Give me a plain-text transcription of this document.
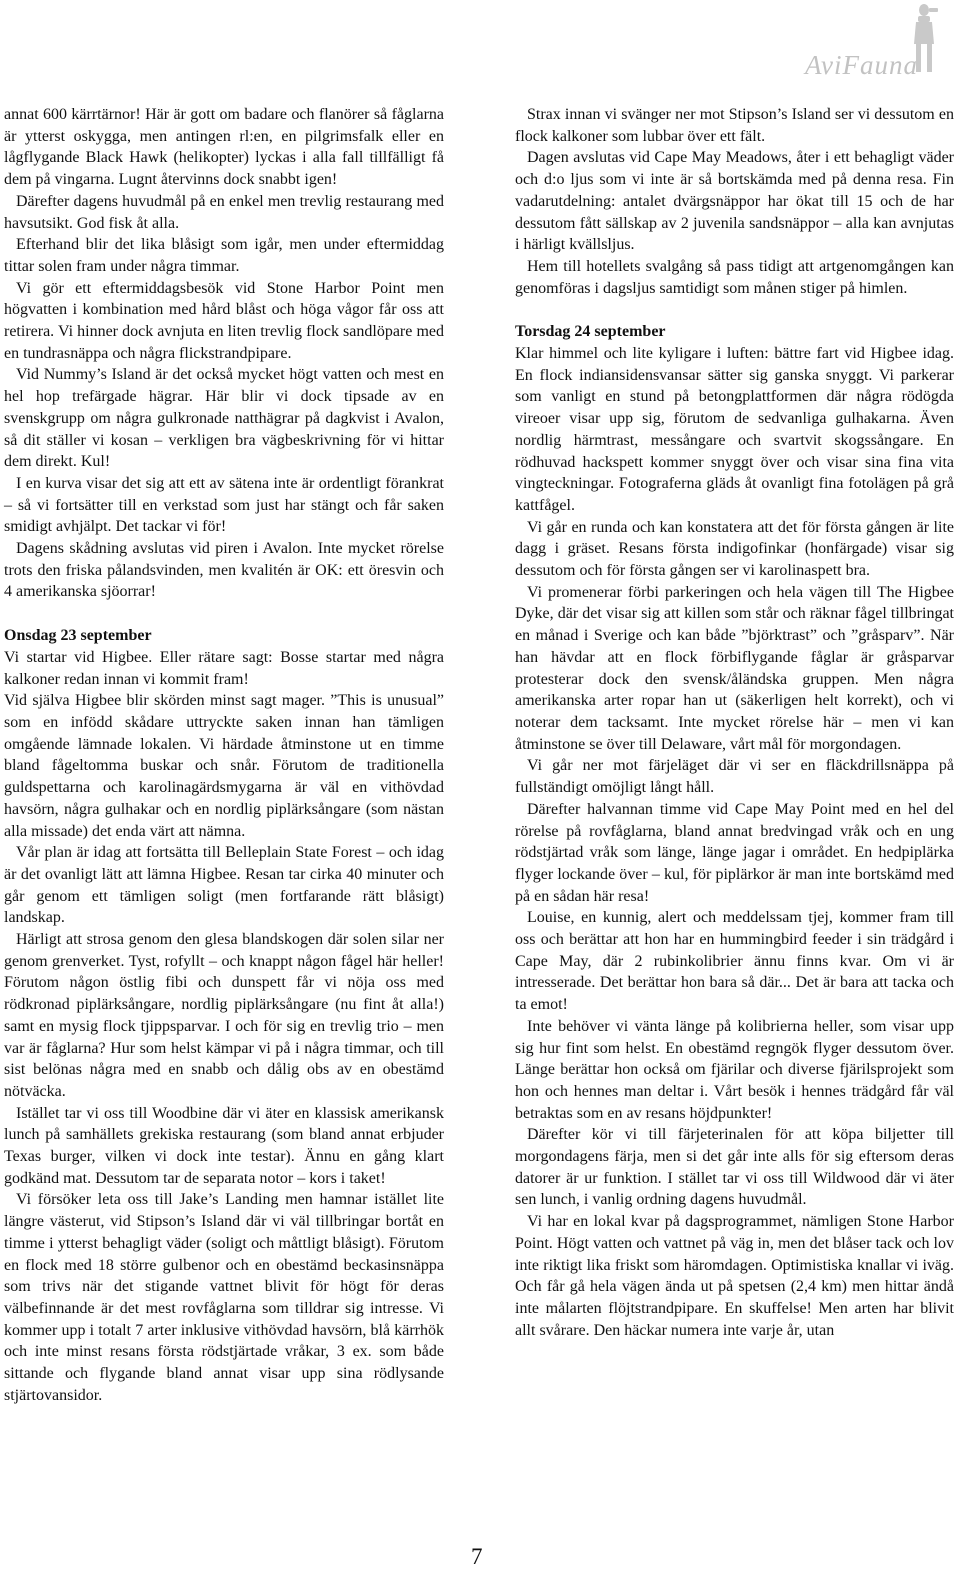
AviFauna

annat 600 kärrtärnor! Här är gott om badare och flanörer så fåglarna är ytterst oskygga, men antingen rl:en, en pilgrimsfalk eller en lågflygande Black Hawk (helikopter) lyckas i alla fall tillfälligt få dem på vingarna. Lugnt återvinns dock snabbt igen!

Därefter dagens huvudmål på en enkel men trevlig restaurang med havsutsikt. God fisk åt alla.

Efterhand blir det lika blåsigt som igår, men under eftermiddag tittar solen fram under några timmar.

Vi gör ett eftermiddagsbesök vid Stone Harbor Point men högvatten i kombination med hård blåst och höga vågor får oss att retirera. Vi hinner dock avnjuta en liten trevlig flock sandlöpare med en tundrasnäppa och några flickstrandpipare.

Vid Nummy’s Island är det också mycket högt vatten och mest en hel hop trefärgade hägrar. Här blir vi dock tipsade av en svenskgrupp om några gulkronade natthägrar på dagkvist i Avalon, så dit ställer vi kosan – verkligen bra vägbeskrivning för vi hittar dem direkt. Kul!

I en kurva visar det sig att ett av sätena inte är ordentligt förankrat – så vi fortsätter till en verkstad som just har stängt och får saken smidigt avhjälpt. Det tackar vi för!

Dagens skådning avslutas vid piren i Avalon. Inte mycket rörelse trots den friska pålandsvinden, men kvalitén är OK: ett öresvin och 4 amerikanska sjöorrar!

Onsdag 23 september

Vi startar vid Higbee. Eller rätare sagt: Bosse startar med några kalkoner redan innan vi kommit fram!

Vid själva Higbee blir skörden minst sagt mager. ”This is unusual” som en infödd skådare uttryckte saken innan han tämligen omgående lämnade lokalen. Vi härdade åtminstone ut en timme bland fågeltomma buskar och snår. Förutom de traditionella guldspettarna och karolinagärdsmygarna är väl en vithövdad havsörn, några gulhakar och en nordlig piplärksångare (som nästan alla missade) det enda värt att nämna.

Vår plan är idag att fortsätta till Belleplain State Forest – och idag är det ovanligt lätt att lämna Higbee. Resan tar cirka 40 minuter och går genom ett tämligen soligt (men fortfarande rätt blåsigt) landskap.

Härligt att strosa genom den glesa blandskogen där solen silar ner genom grenverket. Tyst, rofyllt – och knappt någon fågel här heller! Förutom någon östlig fibi och dunspett får vi nöja oss med rödkronad piplärksångare, nordlig piplärksångare (nu fint åt alla!) samt en mysig flock tjippsparvar. I och för sig en trevlig trio – men var är fåglarna? Hur som helst kämpar vi på i några timmar, och till sist belönas några med en snabb och dålig obs av en obestämd nötväcka.

Istället tar vi oss till Woodbine där vi äter en klassisk amerikansk lunch på samhällets grekiska restaurang (som bland annat erbjuder Texas burger, vilken vi dock inte testar). Ännu en gång klart godkänd mat. Dessutom tar de separata notor – kors i taket!

Vi försöker leta oss till Jake’s Landing men hamnar istället lite längre västerut, vid Stipson’s Island där vi väl tillbringar bortåt en timme i ytterst behagligt väder (soligt och måttligt blåsigt). Förutom en flock med 18 större gulbenor och en obestämd beckasinsnäppa som trivs när det stigande vattnet blivit för högt för deras välbefinnande är det mest rovfåglarna som tilldrar sig intresse. Vi kommer upp i totalt 7 arter inklusive vithövdad havsörn, blå kärrhök och inte minst resans första rödstjärtade vråkar, 3 ex. som både sittande och flygande bland annat visar upp sina rödlysande stjärtovansidor.

Strax innan vi svänger ner mot Stipson’s Island ser vi dessutom en flock kalkoner som lubbar över ett fält.

Dagen avslutas vid Cape May Meadows, åter i ett behagligt väder och d:o ljus som vi inte är så bortskämda med på denna resa. Fin vadarutdelning: antalet dvärgsnäppor har ökat till 15 och de har dessutom fått sällskap av 2 juvenila sandsnäppor – alla kan avnjutas i härligt kvällsljus.

Hem till hotellets svalgång så pass tidigt att artgenomgången kan genomföras i dagsljus samtidigt som månen stiger på himlen.

Torsdag 24 september

Klar himmel och lite kyligare i luften: bättre fart vid Higbee idag. En flock indiansidensvansar sätter sig ganska snyggt. Vi parkerar som vanligt en stund på betongplattformen där några rödögda vireoer visar upp sig, förutom de sedvanliga gulhakarna. Även nordlig härmtrast, messångare och svartvit skogssångare. En rödhuvad hackspett kommer snyggt över och visar sina fina vita vingteckningar. Fotograferna gläds åt ovanligt fina fotolägen på grå kattfågel.

Vi går en runda och kan konstatera att det för första gången är lite dagg i gräset. Resans första indigofinkar (honfärgade) visar sig dessutom och för första gången ser vi karolinaspett bra.

Vi promenerar förbi parkeringen och hela vägen till The Higbee Dyke, där det visar sig att killen som står och räknar fågel tillbringat en månad i Sverige och kan både ”björktrast” och ”gråsparv”. När han hävdar att en flock förbiflygande fåglar är gråsparvar protesterar dock den svensk/åländska gruppen. Men några amerikanska arter ropar han ut (säkerligen helt korrekt), och vi noterar dem tacksamt. Inte mycket rörelse här – men vi kan åtminstone se över till Delaware, vårt mål för morgondagen.

Vi går ner mot färjeläget där vi ser en fläckdrillsnäppa på fullständigt omöjligt långt håll.

Därefter halvannan timme vid Cape May Point med en hel del rörelse på rovfåglarna, bland annat bredvingad vråk och en ung rödstjärtad vråk som länge, länge jagar i området. En hedpiplärka flyger lockande över – kul, för piplärkor är man inte bortskämd med på en sådan här resa!

Louise, en kunnig, alert och meddelssam tjej, kommer fram till oss och berättar att hon har en hummingbird feeder i sin trädgård i Cape May, där 2 rubinkolibrier ännu finns kvar. Om vi är intresserade. Det berättar hon bara så där... Det är bara att tacka och ta emot!

Inte behöver vi vänta länge på kolibrierna heller, som visar upp sig hur fint som helst. En obestämd regngök flyger dessutom över. Länge berättar hon också om fjärilar och diverse fjärilsprojekt som hon och hennes man deltar i. Vårt besök i hennes trädgård får väl betraktas som en av resans höjdpunkter!

Därefter kör vi till färjeterinalen för att köpa biljetter till morgondagens färja, men si det går inte alls för sig eftersom deras datorer är ur funktion. I stället tar vi oss till Wildwood där vi äter sen lunch, i vanlig ordning dagens huvudmål.

Vi har en lokal kvar på dagsprogrammet, nämligen Stone Harbor Point. Högt vatten och vattnet på väg in, men det blåser tack och lov inte riktigt lika friskt som häromdagen. Optimistiska knallar vi iväg. Och får gå hela vägen ända ut på spetsen (2,4 km) men hittar ändå inte målarten flöjtstrandpipare. En skuffelse! Men arten har blivit allt svårare. Den häckar numera inte varje år, utan

7
